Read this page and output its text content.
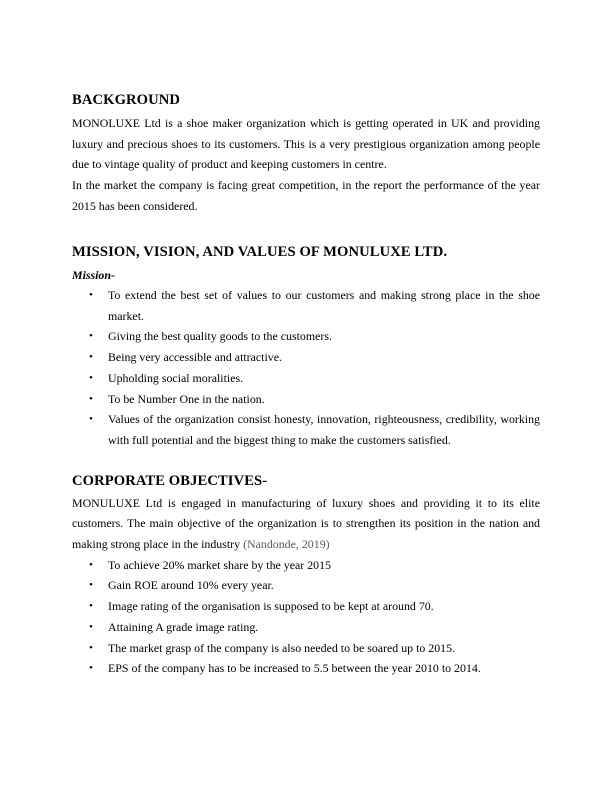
BACKGROUND

MONOLUXE Ltd is a shoe maker organization which is getting operated in UK and providing luxury and precious shoes to its customers. This is a very prestigious organization among people due to vintage quality of product and keeping customers in centre.

In the market the company is facing great competition, in the report the performance of the year 2015 has been considered.

MISSION, VISION, AND VALUES OF MONULUXE LTD.

Mission-

• To extend the best set of values to our customers and making strong place in the shoe market.
• Giving the best quality goods to the customers.
• Being very accessible and attractive.
• Upholding social moralities.
• To be Number One in the nation.
• Values of the organization consist honesty, innovation, righteousness, credibility, working with full potential and the biggest thing to make the customers satisfied.
CORPORATE OBJECTIVES-

MONULUXE Ltd is engaged in manufacturing of luxury shoes and providing it to its elite customers. The main objective of the organization is to strengthen its position in the nation and making strong place in the industry (Nandonde, 2019)

• To achieve 20% market share by the year 2015
• Gain ROE around 10% every year.
• Image rating of the organisation is supposed to be kept at around 70.
• Attaining A grade image rating.
• The market grasp of the company is also needed to be soared up to 2015.
• EPS of the company has to be increased to 5.5 between the year 2010 to 2014.
